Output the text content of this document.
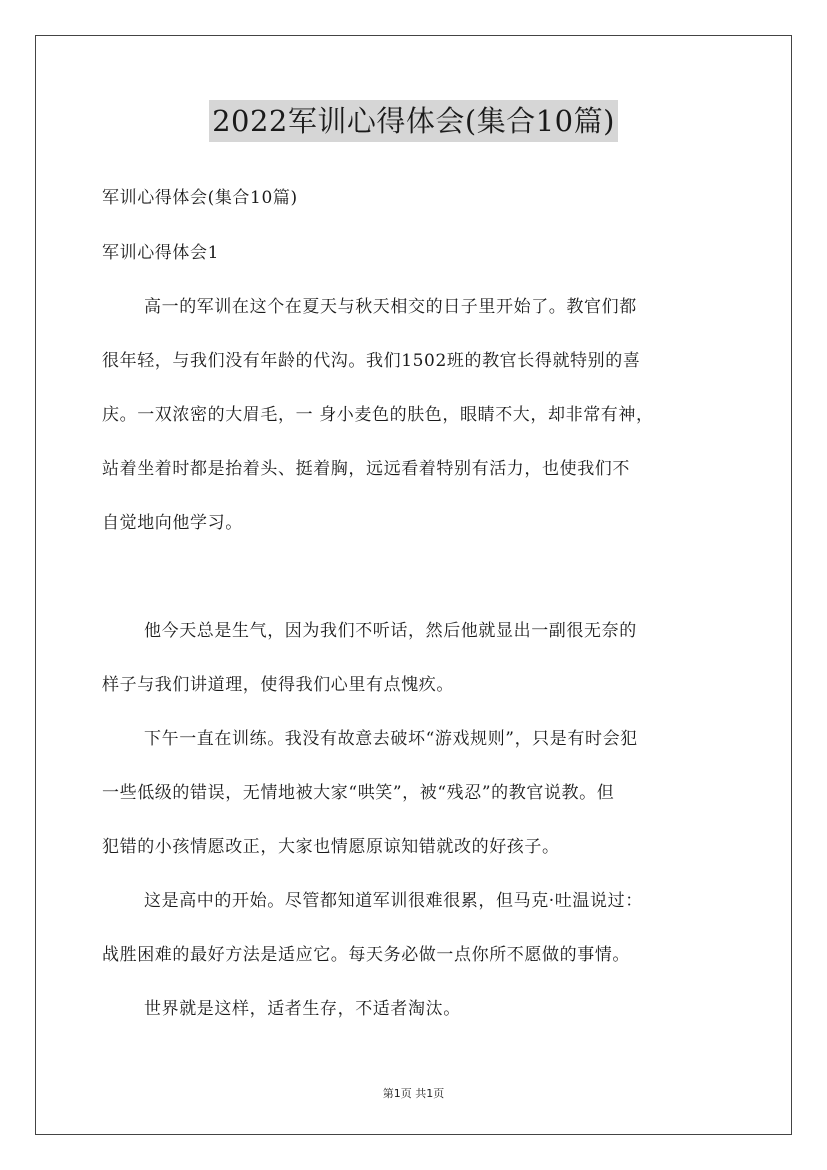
2022军训心得体会(集合10篇)
军训心得体会(集合10篇)
军训心得体会1
高一的军训在这个在夏天与秋天相交的日子里开始了。教官们都
很年轻，与我们没有年龄的代沟。我们1502班的教官长得就特别的喜
庆。一双浓密的大眉毛，一 身小麦色的肤色，眼睛不大，却非常有神，
站着坐着时都是抬着头、挺着胸，远远看着特别有活力，也使我们不
自觉地向他学习。
他今天总是生气，因为我们不听话，然后他就显出一副很无奈的
样子与我们讲道理，使得我们心里有点愧疚。
下午一直在训练。我没有故意去破坏“游戏规则”，只是有时会犯
一些低级的错误，无情地被大家“哄笑”，被“残忍”的教官说教。但
犯错的小孩情愿改正，大家也情愿原谅知错就改的好孩子。
这是高中的开始。尽管都知道军训很难很累，但马克·吐温说过：
战胜困难的最好方法是适应它。每天务必做一点你所不愿做的事情。
世界就是这样，适者生存，不适者淘汰。
第1页 共1页
